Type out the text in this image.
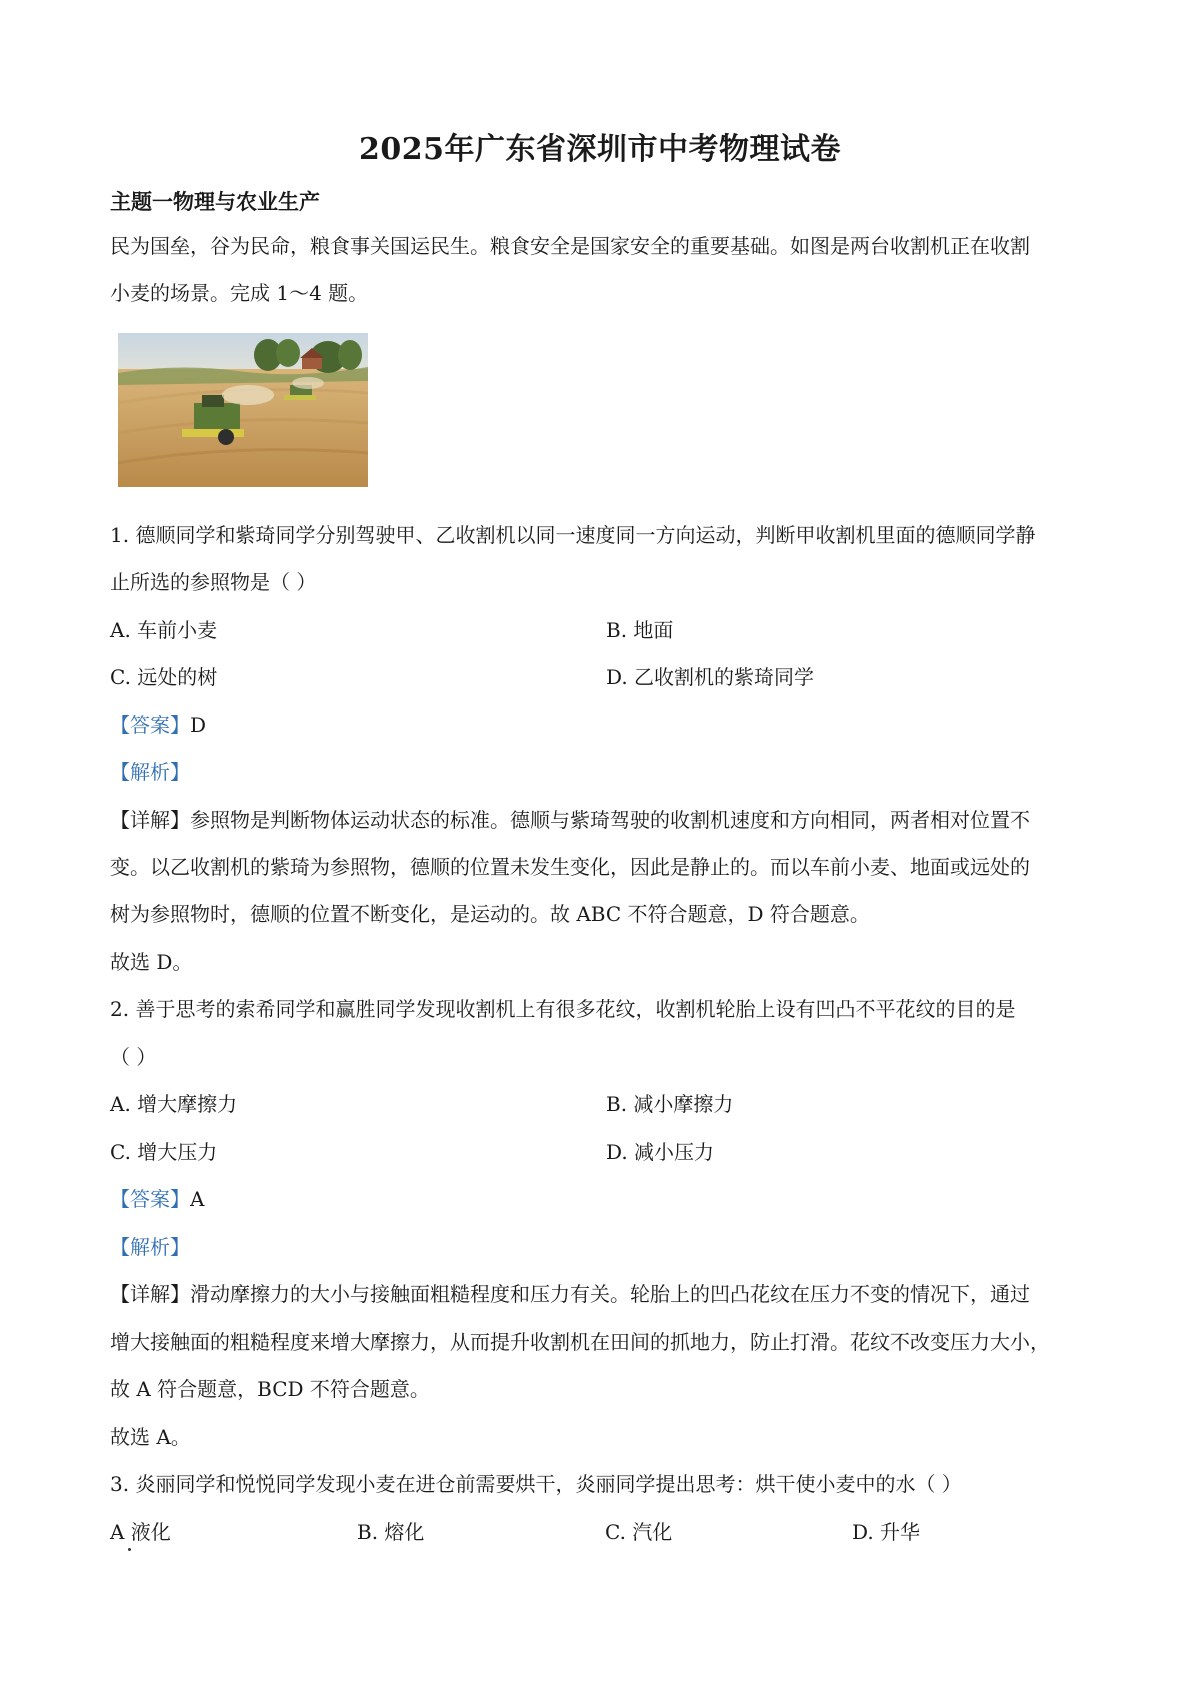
2025年广东省深圳市中考物理试卷
主题一物理与农业生产
民为国垒，谷为民命，粮食事关国运民生。粮食安全是国家安全的重要基础。如图是两台收割机正在收割
小麦的场景。完成 1～4 题。
1. 德顺同学和紫琦同学分别驾驶甲、乙收割机以同一速度同一方向运动，判断甲收割机里面的德顺同学静
止所选的参照物是（ ）
A. 车前小麦	B. 地面
C. 远处的树	D. 乙收割机的紫琦同学
【答案】D
【解析】
【详解】参照物是判断物体运动状态的标准。德顺与紫琦驾驶的收割机速度和方向相同，两者相对位置不
变。以乙收割机的紫琦为参照物，德顺的位置未发生变化，因此是静止的。而以车前小麦、地面或远处的
树为参照物时，德顺的位置不断变化，是运动的。故 ABC 不符合题意，D 符合题意。
故选 D。
2. 善于思考的索希同学和赢胜同学发现收割机上有很多花纹，收割机轮胎上设有凹凸不平花纹的目的是
（ ）
A. 增大摩擦力	B. 减小摩擦力
C. 增大压力	D. 减小压力
【答案】A
【解析】
【详解】滑动摩擦力的大小与接触面粗糙程度和压力有关。轮胎上的凹凸花纹在压力不变的情况下，通过
增大接触面的粗糙程度来增大摩擦力，从而提升收割机在田间的抓地力，防止打滑。花纹不改变压力大小，
故 A 符合题意，BCD 不符合题意。
故选 A。
3. 炎丽同学和悦悦同学发现小麦在进仓前需要烘干，炎丽同学提出思考：烘干使小麦中的水（ ）
A 液化	B. 熔化	C. 汽化	D. 升华
